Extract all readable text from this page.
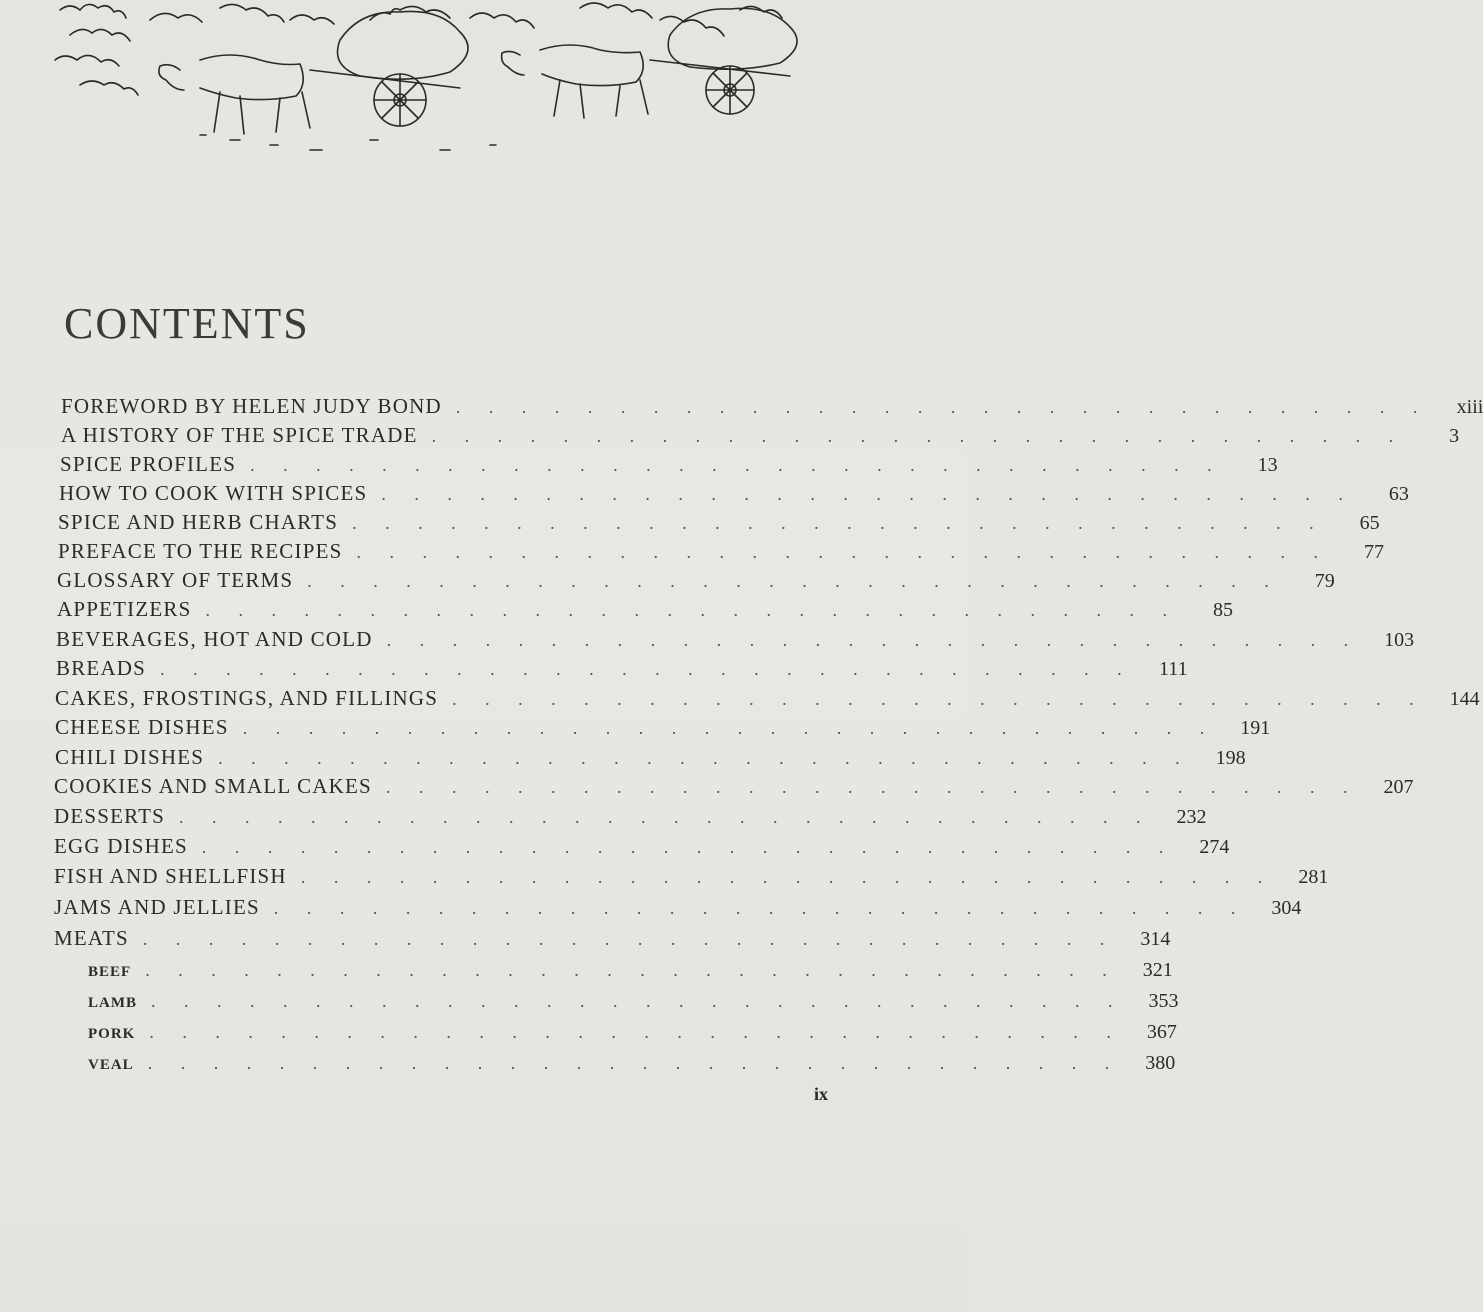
CONTENTS
FOREWORD BY HELEN JUDY BOND . . . . . . . . . . . . . . . . . . . . . . . . . . . . . .	xiii
A HISTORY OF THE SPICE TRADE . . . . . . . . . . . . . . . . . . . . . . . . . . . . . .	3
SPICE PROFILES . . . . . . . . . . . . . . . . . . . . . . . . . . . . . .	13
HOW TO COOK WITH SPICES . . . . . . . . . . . . . . . . . . . . . . . . . . . . . .	63
SPICE AND HERB CHARTS . . . . . . . . . . . . . . . . . . . . . . . . . . . . . .	65
PREFACE TO THE RECIPES . . . . . . . . . . . . . . . . . . . . . . . . . . . . . .	77
GLOSSARY OF TERMS . . . . . . . . . . . . . . . . . . . . . . . . . . . . . .	79
APPETIZERS . . . . . . . . . . . . . . . . . . . . . . . . . . . . . .	85
BEVERAGES, HOT AND COLD . . . . . . . . . . . . . . . . . . . . . . . . . . . . . .	103
BREADS . . . . . . . . . . . . . . . . . . . . . . . . . . . . . .	111
CAKES, FROSTINGS, AND FILLINGS . . . . . . . . . . . . . . . . . . . . . . . . . . . . . .	144
CHEESE DISHES . . . . . . . . . . . . . . . . . . . . . . . . . . . . . .	191
CHILI DISHES . . . . . . . . . . . . . . . . . . . . . . . . . . . . . .	198
COOKIES AND SMALL CAKES . . . . . . . . . . . . . . . . . . . . . . . . . . . . . .	207
DESSERTS . . . . . . . . . . . . . . . . . . . . . . . . . . . . . .	232
EGG DISHES . . . . . . . . . . . . . . . . . . . . . . . . . . . . . .	274
FISH AND SHELLFISH . . . . . . . . . . . . . . . . . . . . . . . . . . . . . .	281
JAMS AND JELLIES . . . . . . . . . . . . . . . . . . . . . . . . . . . . . .	304
MEATS . . . . . . . . . . . . . . . . . . . . . . . . . . . . . .	314
BEEF . . . . . . . . . . . . . . . . . . . . . . . . . . . . . .	321
LAMB . . . . . . . . . . . . . . . . . . . . . . . . . . . . . .	353
PORK . . . . . . . . . . . . . . . . . . . . . . . . . . . . . .	367
VEAL . . . . . . . . . . . . . . . . . . . . . . . . . . . . . .	380
ix
